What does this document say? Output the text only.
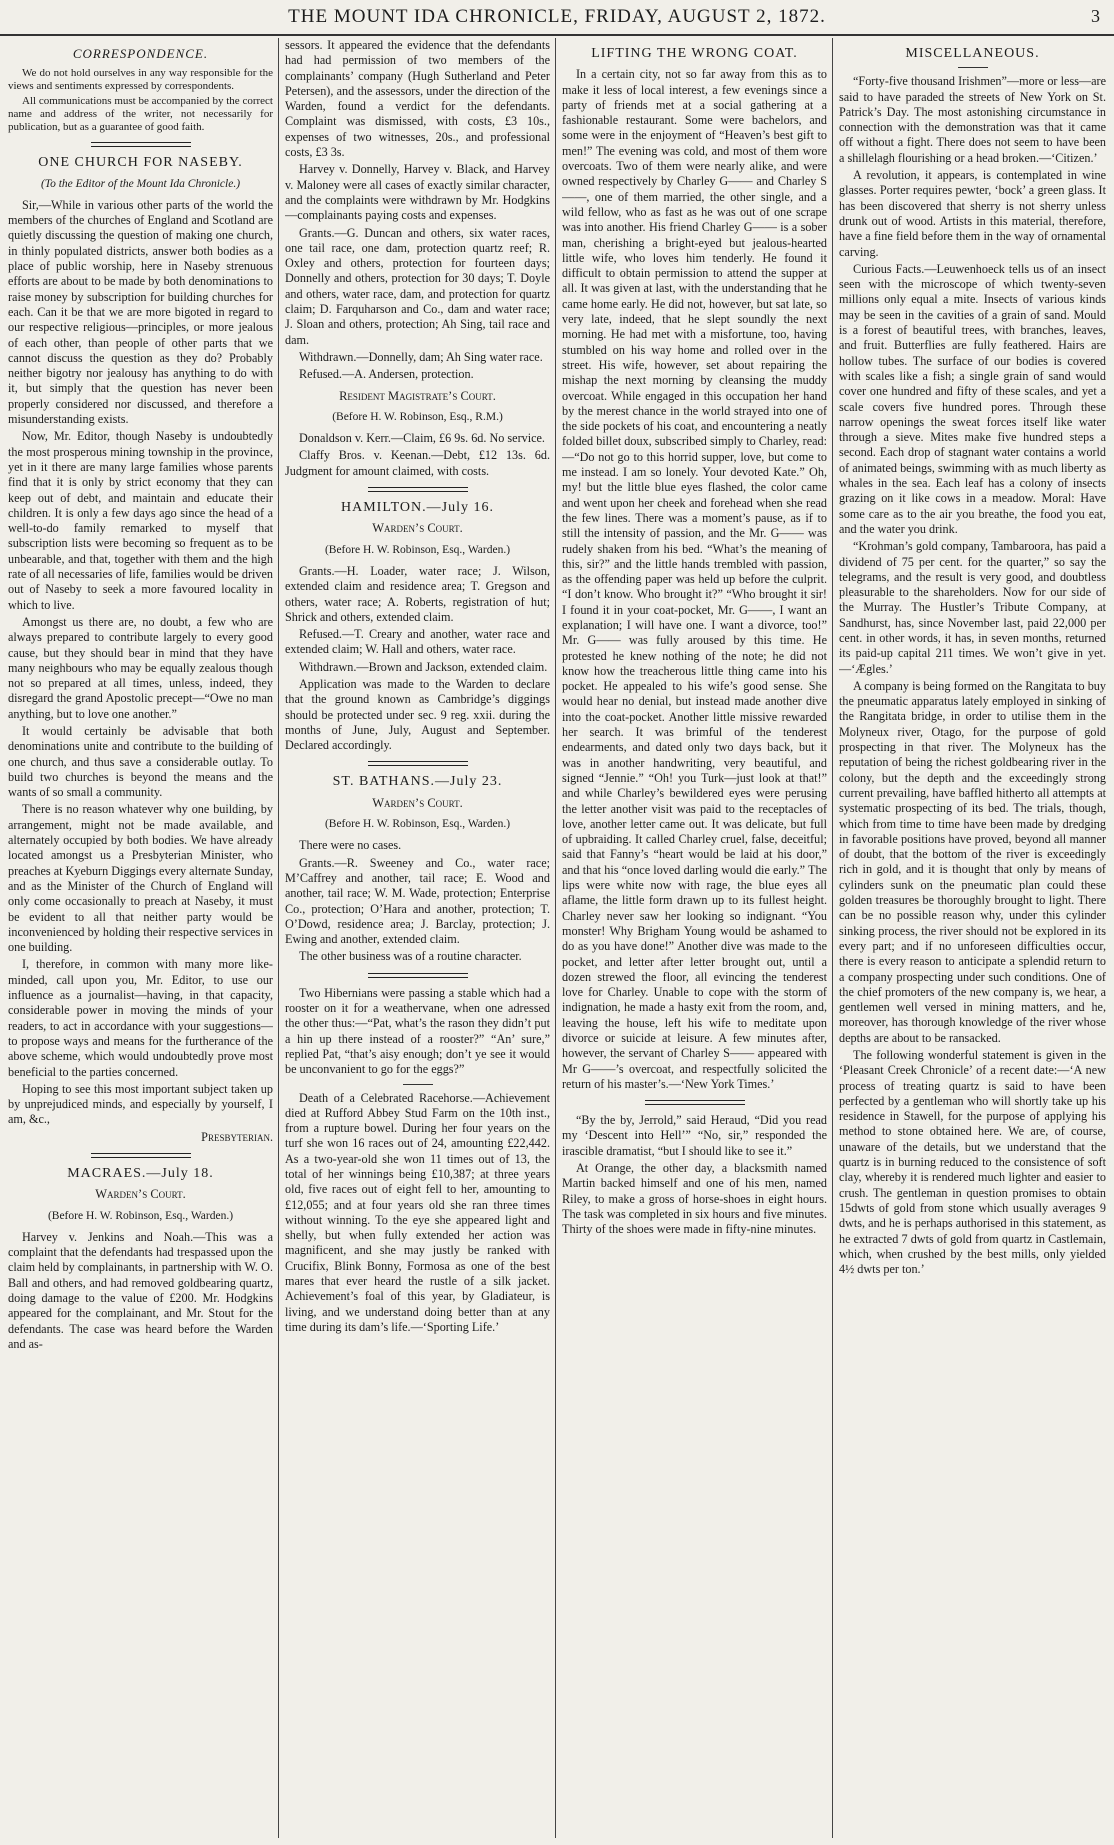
THE MOUNT IDA CHRONICLE, FRIDAY, AUGUST 2, 1872.	3
CORRESPONDENCE.

We do not hold ourselves in any way responsible for the views and sentiments expressed by correspondents.

All communications must be accompanied by the correct name and address of the writer, not necessarily for publication, but as a guarantee of good faith.

ONE CHURCH FOR NASEBY.
(To the Editor of the Mount Ida Chronicle.)

Sir,—While in various other parts of the world the members of the churches of England and Scotland are quietly discussing the question of making one church, in thinly populated districts, answer both bodies as a place of public worship, here in Naseby strenuous efforts are about to be made by both denominations to raise money by subscription for building churches for each. Can it be that we are more bigoted in regard to our respective religious—principles, or more jealous of each other, than people of other parts that we cannot discuss the question as they do? Probably neither bigotry nor jealousy has anything to do with it, but simply that the question has never been properly considered nor discussed, and therefore a misunderstanding exists.

Now, Mr. Editor, though Naseby is undoubtedly the most prosperous mining township in the province, yet in it there are many large families whose parents find that it is only by strict economy that they can keep out of debt, and maintain and educate their children. It is only a few days ago since the head of a well-to-do family remarked to myself that subscription lists were becoming so frequent as to be unbearable, and that, together with them and the high rate of all necessaries of life, families would be driven out of Naseby to seek a more favoured locality in which to live.

Amongst us there are, no doubt, a few who are always prepared to contribute largely to every good cause, but they should bear in mind that they have many neighbours who may be equally zealous though not so prepared at all times, unless, indeed, they disregard the grand Apostolic precept—“Owe no man anything, but to love one another.”

It would certainly be advisable that both denominations unite and contribute to the building of one church, and thus save a considerable outlay. To build two churches is beyond the means and the wants of so small a community.

There is no reason whatever why one building, by arrangement, might not be made available, and alternately occupied by both bodies. We have already located amongst us a Presbyterian Minister, who preaches at Kyeburn Diggings every alternate Sunday, and as the Minister of the Church of England will only come occasionally to preach at Naseby, it must be evident to all that neither party would be inconvenienced by holding their respective services in one building.

I, therefore, in common with many more like-minded, call upon you, Mr. Editor, to use our influence as a journalist—having, in that capacity, considerable power in moving the minds of your readers, to act in accordance with your suggestions—to propose ways and means for the furtherance of the above scheme, which would undoubtedly prove most beneficial to the parties concerned.

Hoping to see this most important subject taken up by unprejudiced minds, and especially by yourself, I am, &c.,

Presbyterian.

MACRAES.—July 18.
Warden’s Court.
(Before H. W. Robinson, Esq., Warden.)

Harvey v. Jenkins and Noah.—This was a complaint that the defendants had trespassed upon the claim held by complainants, in partnership with W. O. Ball and others, and had removed goldbearing quartz, doing damage to the value of £200. Mr. Hodgkins appeared for the complainant, and Mr. Stout for the defendants. The case was heard before the Warden and as-

sessors. It appeared the evidence that the defendants had had permission of two members of the complainants’ company (Hugh Sutherland and Peter Petersen), and the assessors, under the direction of the Warden, found a verdict for the defendants. Complaint was dismissed, with costs, £3 10s., expenses of two witnesses, 20s., and professional costs, £3 3s.

Harvey v. Donnelly, Harvey v. Black, and Harvey v. Maloney were all cases of exactly similar character, and the complaints were withdrawn by Mr. Hodgkins—complainants paying costs and expenses.

Grants.—G. Duncan and others, six water races, one tail race, one dam, protection quartz reef; R. Oxley and others, protection for fourteen days; Donnelly and others, protection for 30 days; T. Doyle and others, water race, dam, and protection for quartz claim; D. Farquharson and Co., dam and water race; J. Sloan and others, protection; Ah Sing, tail race and dam.

Withdrawn.—Donnelly, dam; Ah Sing water race.

Refused.—A. Andersen, protection.

Resident Magistrate’s Court.
(Before H. W. Robinson, Esq., R.M.)

Donaldson v. Kerr.—Claim, £6 9s. 6d. No service.

Claffy Bros. v. Keenan.—Debt, £12 13s. 6d. Judgment for amount claimed, with costs.

HAMILTON.—July 16.
Warden’s Court.
(Before H. W. Robinson, Esq., Warden.)

Grants.—H. Loader, water race; J. Wilson, extended claim and residence area; T. Gregson and others, water race; A. Roberts, registration of hut; Shrick and others, extended claim.

Refused.—T. Creary and another, water race and extended claim; W. Hall and others, water race.

Withdrawn.—Brown and Jackson, extended claim.

Application was made to the Warden to declare that the ground known as Cambridge’s diggings should be protected under sec. 9 reg. xxii. during the months of June, July, August and September. Declared accordingly.

ST. BATHANS.—July 23.
Warden’s Court.
(Before H. W. Robinson, Esq., Warden.)

There were no cases.

Grants.—R. Sweeney and Co., water race; M’Caffrey and another, tail race; E. Wood and another, tail race; W. M. Wade, protection; Enterprise Co., protection; O’Hara and another, protection; T. O’Dowd, residence area; J. Barclay, protection; J. Ewing and another, extended claim.

The other business was of a routine character.

Two Hibernians were passing a stable which had a rooster on it for a weathervane, when one adressed the other thus:—“Pat, what’s the rason they didn’t put a hin up there instead of a rooster?” “An’ sure,” replied Pat, “that’s aisy enough; don’t ye see it would be unconvanient to go for the eggs?”

Death of a Celebrated Racehorse.—Achievement died at Rufford Abbey Stud Farm on the 10th inst., from a rupture bowel. During her four years on the turf she won 16 races out of 24, amounting £22,442. As a two-year-old she won 11 times out of 13, the total of her winnings being £10,387; at three years old, five races out of eight fell to her, amounting to £12,055; and at four years old she ran three times without winning. To the eye she appeared light and shelly, but when fully extended her action was magnificent, and she may justly be ranked with Crucifix, Blink Bonny, Formosa as one of the best mares that ever heard the rustle of a silk jacket. Achievement’s foal of this year, by Gladiateur, is living, and we understand doing better than at any time during its dam’s life.—‘Sporting Life.’

LIFTING THE WRONG COAT.

In a certain city, not so far away from this as to make it less of local interest, a few evenings since a party of friends met at a social gathering at a fashionable restaurant. Some were bachelors, and some were in the enjoyment of “Heaven’s best gift to men!” The evening was cold, and most of them wore overcoats. Two of them were nearly alike, and were owned respectively by Charley G—— and Charley S——, one of them married, the other single, and a wild fellow, who as fast as he was out of one scrape was into another. His friend Charley G—— is a sober man, cherishing a bright-eyed but jealous-hearted little wife, who loves him tenderly. He found it difficult to obtain permission to attend the supper at all. It was given at last, with the understanding that he came home early. He did not, however, but sat late, so very late, indeed, that he slept soundly the next morning. He had met with a misfortune, too, having stumbled on his way home and rolled over in the street. His wife, however, set about repairing the mishap the next morning by cleansing the muddy overcoat. While engaged in this occupation her hand by the merest chance in the world strayed into one of the side pockets of his coat, and encountering a neatly folded billet doux, subscribed simply to Charley, read:—“Do not go to this horrid supper, love, but come to me instead. I am so lonely. Your devoted Kate.” Oh, my! but the little blue eyes flashed, the color came and went upon her cheek and forehead when she read the few lines. There was a moment’s pause, as if to still the intensity of passion, and the Mr. G—— was rudely shaken from his bed. “What’s the meaning of this, sir?” and the little hands trembled with passion, as the offending paper was held up before the culprit. “I don’t know. Who brought it?” “Who brought it sir! I found it in your coat-pocket, Mr. G——, I want an explanation; I will have one. I want a divorce, too!” Mr. G—— was fully aroused by this time. He protested he knew nothing of the note; he did not know how the treacherous little thing came into his pocket. He appealed to his wife’s good sense. She would hear no denial, but instead made another dive into the coat-pocket. Another little missive rewarded her search. It was brimful of the tenderest endearments, and dated only two days back, but it was in another handwriting, very beautiful, and signed “Jennie.” “Oh! you Turk—just look at that!” and while Charley’s bewildered eyes were perusing the letter another visit was paid to the receptacles of love, another letter came out. It was delicate, but full of upbraiding. It called Charley cruel, false, deceitful; said that Fanny’s “heart would be laid at his door,” and that his “once loved darling would die early.” The lips were white now with rage, the blue eyes all aflame, the little form drawn up to its fullest height. Charley never saw her looking so indignant. “You monster! Why Brigham Young would be ashamed to do as you have done!” Another dive was made to the pocket, and letter after letter brought out, until a dozen strewed the floor, all evincing the tenderest love for Charley. Unable to cope with the storm of indignation, he made a hasty exit from the room, and, leaving the house, left his wife to meditate upon divorce or suicide at leisure. A few minutes after, however, the servant of Charley S—— appeared with Mr G——’s overcoat, and respectfully solicited the return of his master’s.—‘New York Times.’

“By the by, Jerrold,” said Heraud, “Did you read my ‘Descent into Hell’” “No, sir,” responded the irascible dramatist, “but I should like to see it.”

At Orange, the other day, a blacksmith named Martin backed himself and one of his men, named Riley, to make a gross of horse-shoes in eight hours. The task was completed in six hours and five minutes. Thirty of the shoes were made in fifty-nine minutes.

MISCELLANEOUS.

“Forty-five thousand Irishmen”—more or less—are said to have paraded the streets of New York on St. Patrick’s Day. The most astonishing circumstance in connection with the demonstration was that it came off without a fight. There does not seem to have been a shillelagh flourishing or a head broken.—‘Citizen.’

A revolution, it appears, is contemplated in wine glasses. Porter requires pewter, ‘bock’ a green glass. It has been discovered that sherry is not sherry unless drunk out of wood. Artists in this material, therefore, have a fine field before them in the way of ornamental carving.

Curious Facts.—Leuwenhoeck tells us of an insect seen with the microscope of which twenty-seven millions only equal a mite. Insects of various kinds may be seen in the cavities of a grain of sand. Mould is a forest of beautiful trees, with branches, leaves, and fruit. Butterflies are fully feathered. Hairs are hollow tubes. The surface of our bodies is covered with scales like a fish; a single grain of sand would cover one hundred and fifty of these scales, and yet a scale covers five hundred pores. Through these narrow openings the sweat forces itself like water through a sieve. Mites make five hundred steps a second. Each drop of stagnant water contains a world of animated beings, swimming with as much liberty as whales in the sea. Each leaf has a colony of insects grazing on it like cows in a meadow. Moral: Have some care as to the air you breathe, the food you eat, and the water you drink.

“Krohman’s gold company, Tambaroora, has paid a dividend of 75 per cent. for the quarter,” so say the telegrams, and the result is very good, and doubtless pleasurable to the shareholders. Now for our side of the Murray. The Hustler’s Tribute Company, at Sandhurst, has, since November last, paid 22,000 per cent. in other words, it has, in seven months, returned its paid-up capital 211 times. We won’t give in yet.—‘Ægles.’

A company is being formed on the Rangitata to buy the pneumatic apparatus lately employed in sinking of the Rangitata bridge, in order to utilise them in the Molyneux river, Otago, for the purpose of gold prospecting in that river. The Molyneux has the reputation of being the richest goldbearing river in the colony, but the depth and the exceedingly strong current prevailing, have baffled hitherto all attempts at systematic prospecting of its bed. The trials, though, which from time to time have been made by dredging in favorable positions have proved, beyond all manner of doubt, that the bottom of the river is exceedingly rich in gold, and it is thought that only by means of cylinders sunk on the pneumatic plan could these golden treasures be thoroughly brought to light. There can be no possible reason why, under this cylinder sinking process, the river should not be explored in its every part; and if no unforeseen difficulties occur, there is every reason to anticipate a splendid return to a company prospecting under such conditions. One of the chief promoters of the new company is, we hear, a gentlemen well versed in mining matters, and he, moreover, has thorough knowledge of the river whose depths are about to be ransacked.

The following wonderful statement is given in the ‘Pleasant Creek Chronicle’ of a recent date:—‘A new process of treating quartz is said to have been perfected by a gentleman who will shortly take up his residence in Stawell, for the purpose of applying his method to stone obtained here. We are, of course, unaware of the details, but we understand that the quartz is in burning reduced to the consistence of soft clay, whereby it is rendered much lighter and easier to crush. The gentleman in question promises to obtain 15dwts of gold from stone which usually averages 9 dwts, and he is perhaps authorised in this statement, as he extracted 7 dwts of gold from quartz in Castlemain, which, when crushed by the best mills, only yielded 4½ dwts per ton.’
